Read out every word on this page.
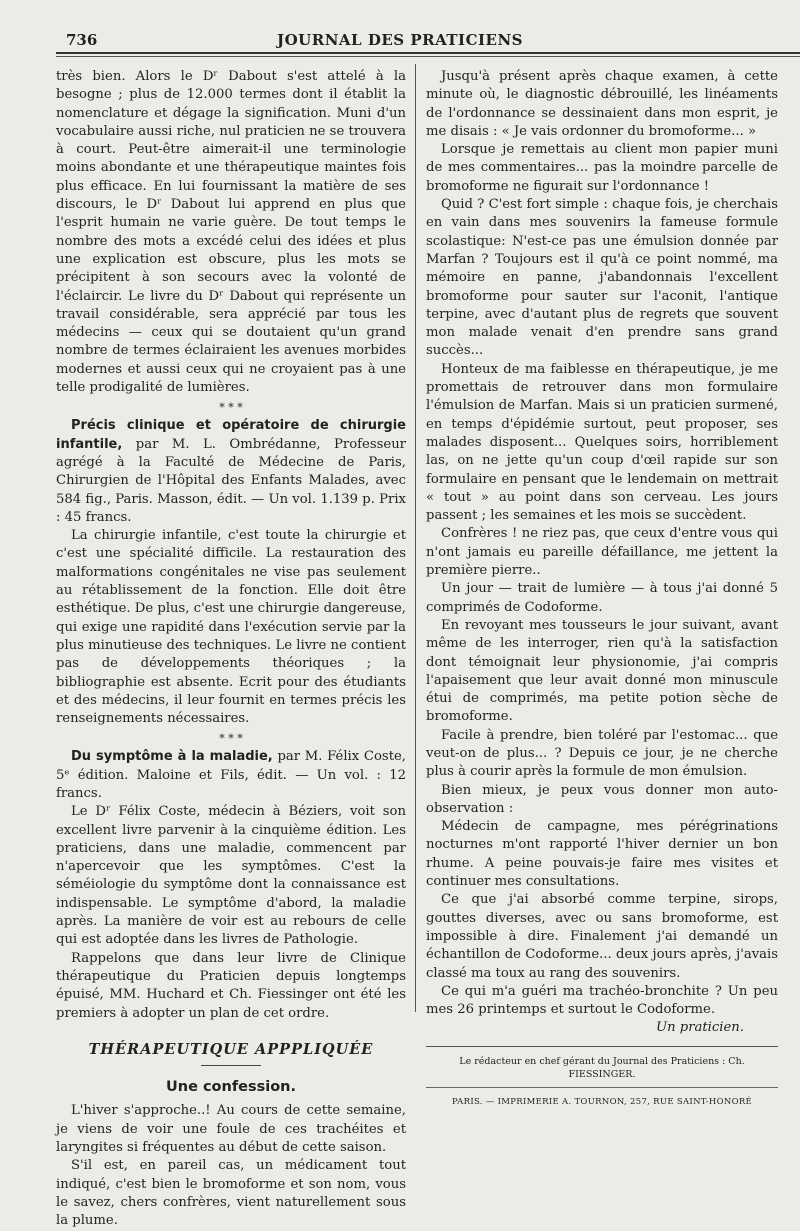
736	JOURNAL DES PRATICIENS

très bien. Alors le Dʳ Dabout s'est attelé à la besogne ; plus de 12.000 termes dont il établit la nomenclature et dégage la signification. Muni d'un vocabulaire aussi riche, nul praticien ne se trouvera à court. Peut-être aimerait-il une terminologie moins abondante et une thérapeutique maintes fois plus efficace. En lui fournissant la matière de ses discours, le Dʳ Dabout lui apprend en plus que l'esprit humain ne varie guère. De tout temps le nombre des mots a excédé celui des idées et plus une explication est obscure, plus les mots se précipitent à son secours avec la volonté de l'éclaircir. Le livre du Dʳ Dabout qui représente un travail considérable, sera apprécié par tous les médecins — ceux qui se doutaient qu'un grand nombre de termes éclairaient les avenues morbides modernes et aussi ceux qui ne croyaient pas à une telle prodigalité de lumières.

* * *

Précis clinique et opératoire de chirurgie infantile, par M. L. Ombrédanne, Professeur agrégé à la Faculté de Médecine de Paris, Chirurgien de l'Hôpital des Enfants Malades, avec 584 fig., Paris. Masson, édit. — Un vol. 1.139 p. Prix : 45 francs.

La chirurgie infantile, c'est toute la chirurgie et c'est une spécialité difficile. La restauration des malformations congénitales ne vise pas seulement au rétablissement de la fonction. Elle doit être esthétique. De plus, c'est une chirurgie dangereuse, qui exige une rapidité dans l'exécution servie par la plus minutieuse des techniques. Le livre ne contient pas de développements théoriques ; la bibliographie est absente. Ecrit pour des étudiants et des médecins, il leur fournit en termes précis les renseignements nécessaires.

* * *

Du symptôme à la maladie, par M. Félix Coste, 5ᵉ édition. Maloine et Fils, édit. — Un vol. : 12 francs.

Le Dʳ Félix Coste, médecin à Béziers, voit son excellent livre parvenir à la cinquième édition. Les praticiens, dans une maladie, commencent par n'apercevoir que les symptômes. C'est la séméiologie du symptôme dont la connaissance est indispensable. Le symptôme d'abord, la maladie après. La manière de voir est au rebours de celle qui est adoptée dans les livres de Pathologie.

Rappelons que dans leur livre de Clinique thérapeutique du Praticien depuis longtemps épuisé, MM. Huchard et Ch. Fiessinger ont été les premiers à adopter un plan de cet ordre.

THÉRAPEUTIQUE APPPLIQUÉE
Une confession.

L'hiver s'approche..! Au cours de cette semaine, je viens de voir une foule de ces trachéites et laryngites si fréquentes au début de cette saison.

S'il est, en pareil cas, un médicament tout indiqué, c'est bien le bromoforme et son nom, vous le savez, chers confrères, vient naturellement sous la plume.

Jusqu'à présent après chaque examen, à cette minute où, le diagnostic débrouillé, les linéaments de l'ordonnance se dessinaient dans mon esprit, je me disais : « Je vais ordonner du bromoforme... »

Lorsque je remettais au client mon papier muni de mes commentaires... pas la moindre parcelle de bromoforme ne figurait sur l'ordonnance !

Quid ? C'est fort simple : chaque fois, je cherchais en vain dans mes souvenirs la fameuse formule scolastique: N'est-ce pas une émulsion donnée par Marfan ? Toujours est il qu'à ce point nommé, ma mémoire en panne, j'abandonnais l'excellent bromoforme pour sauter sur l'aconit, l'antique terpine, avec d'autant plus de regrets que souvent mon malade venait d'en prendre sans grand succès...

Honteux de ma faiblesse en thérapeutique, je me promettais de retrouver dans mon formulaire l'émulsion de Marfan. Mais si un praticien surmené, en temps d'épidémie surtout, peut proposer, ses malades disposent... Quelques soirs, horriblement las, on ne jette qu'un coup d'œil rapide sur son formulaire en pensant que le lendemain on mettrait « tout » au point dans son cerveau. Les jours passent ; les semaines et les mois se succèdent.

Confrères ! ne riez pas, que ceux d'entre vous qui n'ont jamais eu pareille défaillance, me jettent la première pierre..

Un jour — trait de lumière — à tous j'ai donné 5 comprimés de Codoforme.

En revoyant mes tousseurs le jour suivant, avant même de les interroger, rien qu'à la satisfaction dont témoignait leur physionomie, j'ai compris l'apaisement que leur avait donné mon minuscule étui de comprimés, ma petite potion sèche de bromoforme.

Facile à prendre, bien toléré par l'estomac... que veut-on de plus... ? Depuis ce jour, je ne cherche plus à courir après la formule de mon émulsion.

Bien mieux, je peux vous donner mon auto-observation :

Médecin de campagne, mes pérégrinations nocturnes m'ont rapporté l'hiver dernier un bon rhume. A peine pouvais-je faire mes visites et continuer mes consultations.

Ce que j'ai absorbé comme terpine, sirops, gouttes diverses, avec ou sans bromoforme, est impossible à dire. Finalement j'ai demandé un échantillon de Codoforme... deux jours après, j'avais classé ma toux au rang des souvenirs.

Ce qui m'a guéri ma trachéo-bronchite ? Un peu mes 26 printemps et surtout le Codoforme.

Un praticien.
Le rédacteur en chef gérant du Journal des Praticiens : Ch. FIESSINGER.
PARIS. — IMPRIMERIE A. TOURNON, 257, RUE SAINT-HONORÉ
